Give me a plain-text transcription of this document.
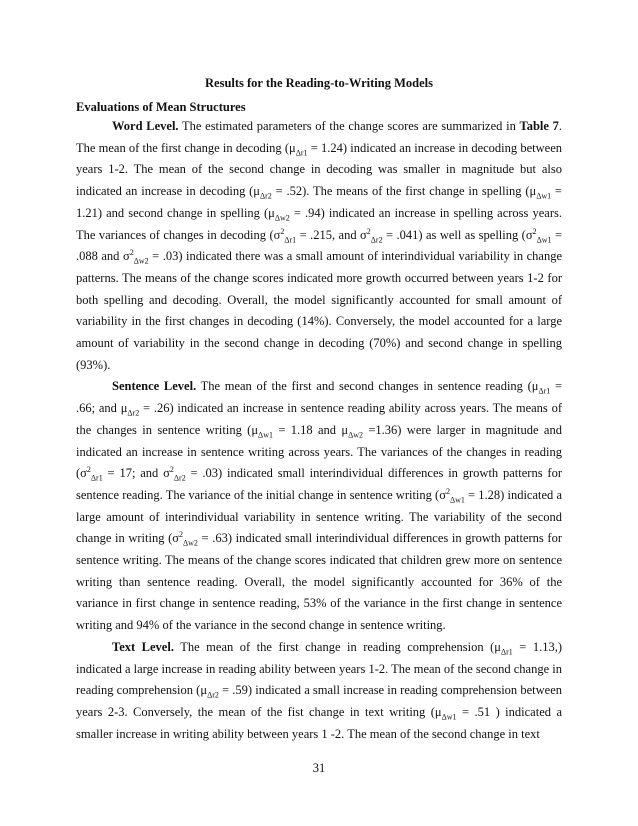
Results for the Reading-to-Writing Models
Evaluations of Mean Structures

Word Level. The estimated parameters of the change scores are summarized in Table 7. The mean of the first change in decoding $(\mu_{\Delta r1} = 1.24)$ indicated an increase in decoding between years 1-2. The mean of the second change in decoding was smaller in magnitude but also indicated an increase in decoding $(\mu_{\Delta r2} = .52)$. The means of the first change in spelling $(\mu_{\Delta w1} = 1.21)$ and second change in spelling $(\mu_{\Delta w2} = .94)$ indicated an increase in spelling across years. The variances of changes in decoding ($\sigma^2_{\Delta r1} = .215$, and $\sigma^2_{\Delta r2} = .041$) as well as spelling ($\sigma^2_{\Delta w1} = .088$ and $\sigma^2_{\Delta w2} = .03$) indicated there was a small amount of interindividual variability in change patterns. The means of the change scores indicated more growth occurred between years 1-2 for both spelling and decoding. Overall, the model significantly accounted for small amount of variability in the first changes in decoding (14%). Conversely, the model accounted for a large amount of variability in the second change in decoding (70%) and second change in spelling (93%).

Sentence Level. The mean of the first and second changes in sentence reading ($\mu_{\Delta r1} = .66$; and $\mu_{\Delta r2} = .26$) indicated an increase in sentence reading ability across years. The means of the changes in sentence writing ($\mu_{\Delta w1} = 1.18$ and $\mu_{\Delta w2} =1.36$) were larger in magnitude and indicated an increase in sentence writing across years. The variances of the changes in reading ($\sigma^2_{\Delta r1} = 17$; and $\sigma^2_{\Delta r2} = .03$) indicated small interindividual differences in growth patterns for sentence reading. The variance of the initial change in sentence writing $(\sigma^2_{\Delta w1} = 1.28)$ indicated a large amount of interindividual variability in sentence writing. The variability of the second change in writing $(\sigma^2_{\Delta w2} = .63)$ indicated small interindividual differences in growth patterns for sentence writing. The means of the change scores indicated that children grew more on sentence writing than sentence reading. Overall, the model significantly accounted for 36% of the variance in first change in sentence reading, 53% of the variance in the first change in sentence writing and 94% of the variance in the second change in sentence writing.

Text Level. The mean of the first change in reading comprehension $(\mu_{\Delta r1} = 1.13,)$ indicated a large increase in reading ability between years 1-2. The mean of the second change in reading comprehension $(\mu_{\Delta r2} = .59)$ indicated a small increase in reading comprehension between years 2-3. Conversely, the mean of the fist change in text writing ($\mu_{\Delta w1} = .51$ ) indicated a smaller increase in writing ability between years 1 -2. The mean of the second change in text

31
